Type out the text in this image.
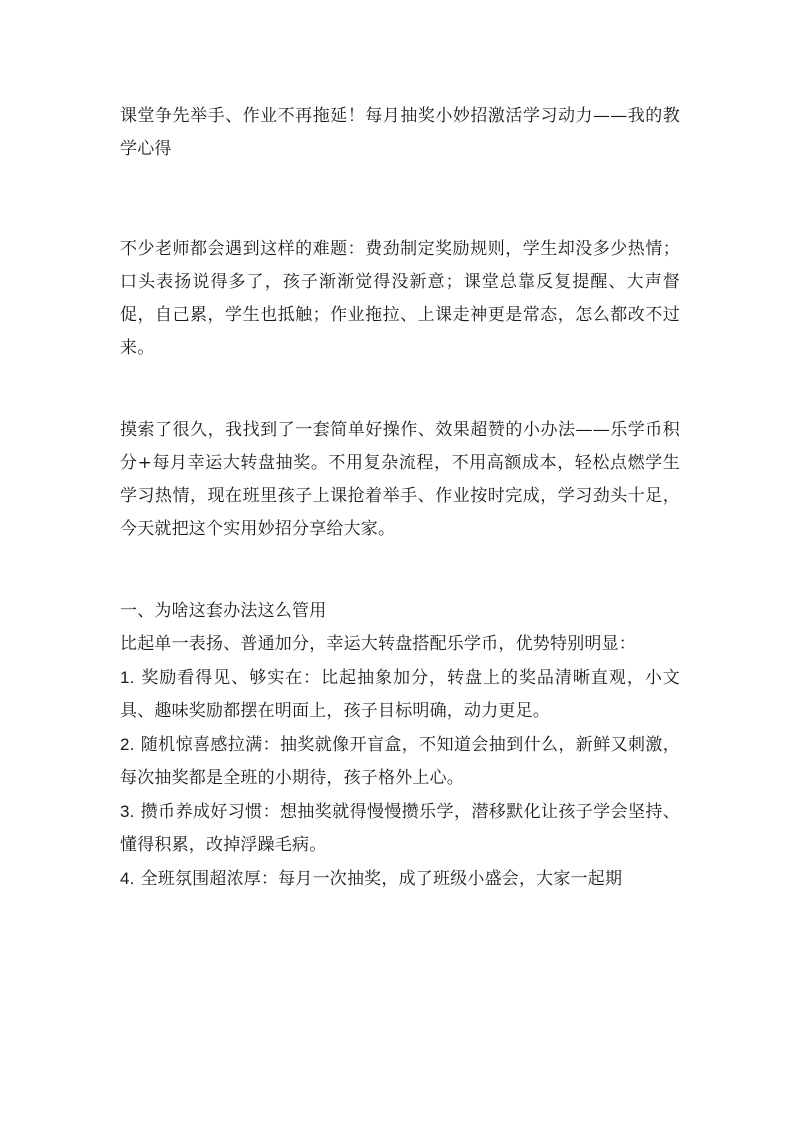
课堂争先举手、作业不再拖延！每月抽奖小妙招激活学习动力——我的教学心得

不少老师都会遇到这样的难题：费劲制定奖励规则，学生却没多少热情；口头表扬说得多了，孩子渐渐觉得没新意；课堂总靠反复提醒、大声督促，自己累，学生也抵触；作业拖拉、上课走神更是常态，怎么都改不过来。

摸索了很久，我找到了一套简单好操作、效果超赞的小办法——乐学币积分+每月幸运大转盘抽奖。不用复杂流程，不用高额成本，轻松点燃学生学习热情，现在班里孩子上课抢着举手、作业按时完成，学习劲头十足，今天就把这个实用妙招分享给大家。

一、为啥这套办法这么管用

比起单一表扬、普通加分，幸运大转盘搭配乐学币，优势特别明显：

1. 奖励看得见、够实在：比起抽象加分，转盘上的奖品清晰直观，小文具、趣味奖励都摆在明面上，孩子目标明确，动力更足。

2. 随机惊喜感拉满：抽奖就像开盲盒，不知道会抽到什么，新鲜又刺激，每次抽奖都是全班的小期待，孩子格外上心。

3. 攒币养成好习惯：想抽奖就得慢慢攒乐学，潜移默化让孩子学会坚持、懂得积累，改掉浮躁毛病。

4. 全班氛围超浓厚：每月一次抽奖，成了班级小盛会，大家一起期
